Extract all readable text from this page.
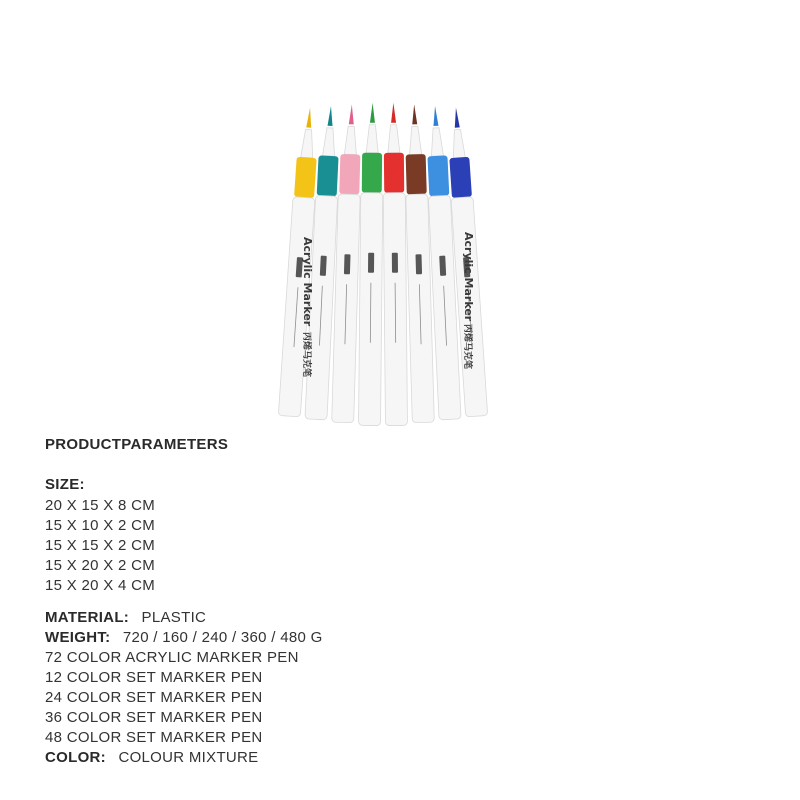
Acrylic Marker
丙烯马克笔
Acrylic Marker
丙烯马克笔
PRODUCTPARAMETERS
SIZE:
20 X 15 X 8 CM
15 X 10 X 2 CM
15 X 15 X 2 CM
15 X 20 X 2 CM
15 X 20 X 4 CM
MATERIAL: PLASTIC
WEIGHT: 720 / 160 / 240 / 360 / 480 G
72 COLOR ACRYLIC MARKER PEN
12 COLOR SET MARKER PEN
24 COLOR SET MARKER PEN
36 COLOR SET MARKER PEN
48 COLOR SET MARKER PEN
COLOR: COLOUR MIXTURE
